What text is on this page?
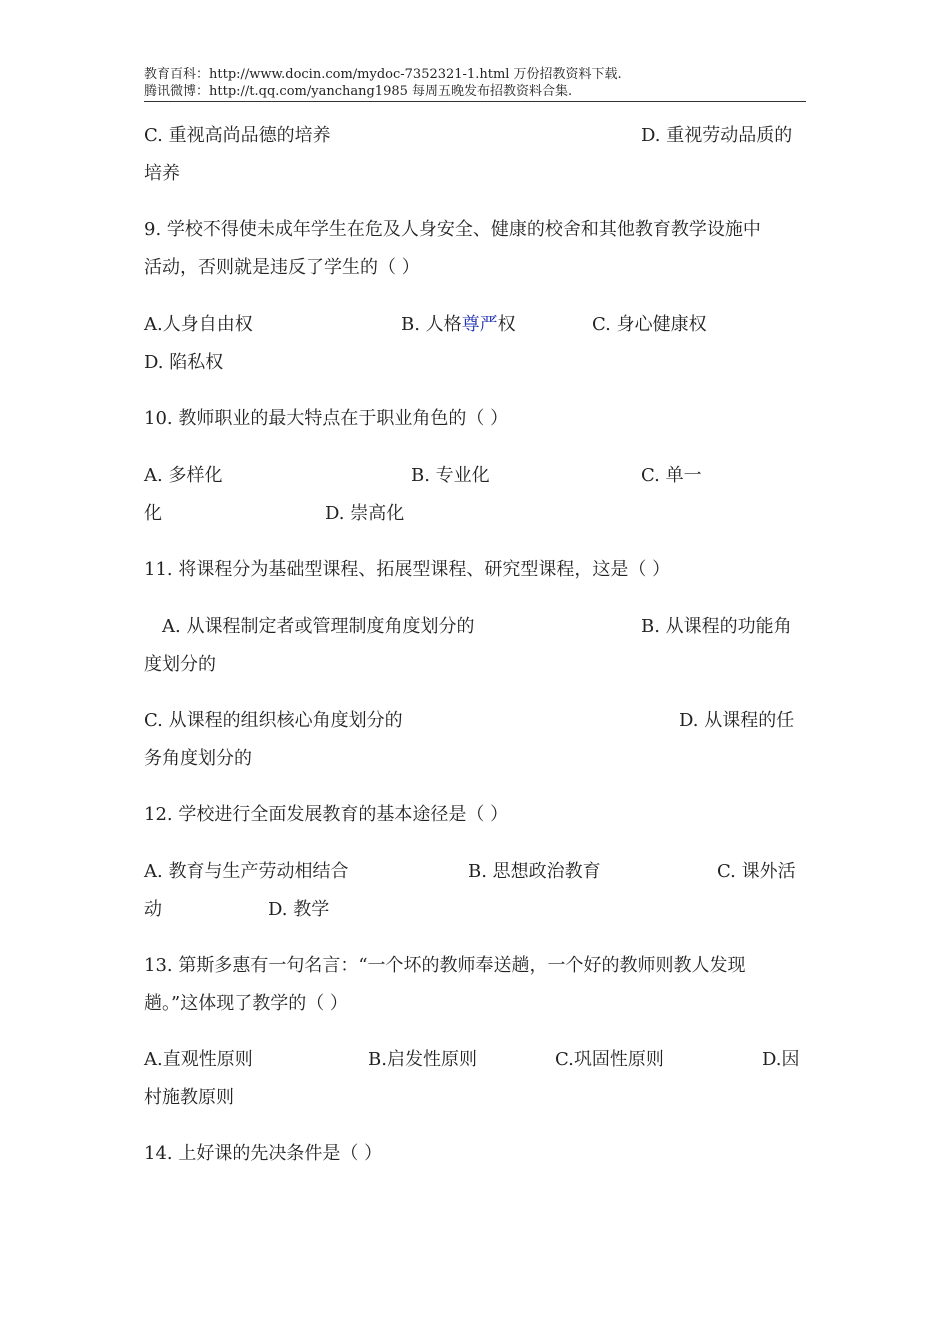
教育百科：http://www.docin.com/mydoc-7352321-1.html 万份招教资料下载.
腾讯微博：http://t.qq.com/yanchang1985 每周五晚发布招教资料合集.
C. 重视高尚品德的培养	D. 重视劳动品质的
培养
9. 学校不得使未成年学生在危及人身安全、健康的校舍和其他教育教学设施中
活动，否则就是违反了学生的（ ）
A.人身自由权	B. 人格尊严权	C. 身心健康权
D. 陷私权
10. 教师职业的最大特点在于职业角色的（ ）
A. 多样化	B. 专业化	C. 单一
化	D. 崇高化
11. 将课程分为基础型课程、拓展型课程、研究型课程，这是（ ）
A. 从课程制定者或管理制度角度划分的	B. 从课程的功能角
度划分的
C. 从课程的组织核心角度划分的	D. 从课程的任
务角度划分的
12. 学校进行全面发展教育的基本途径是（ ）
A. 教育与生产劳动相结合	B. 思想政治教育	C. 课外活
动	D. 教学
13. 第斯多惠有一句名言：“一个坏的教师奉送趟，一个好的教师则教人发现
趟。”这体现了教学的（ ）
A.直观性原则	B.启发性原则	C.巩固性原则	D.因
村施教原则
14. 上好课的先决条件是（ ）
